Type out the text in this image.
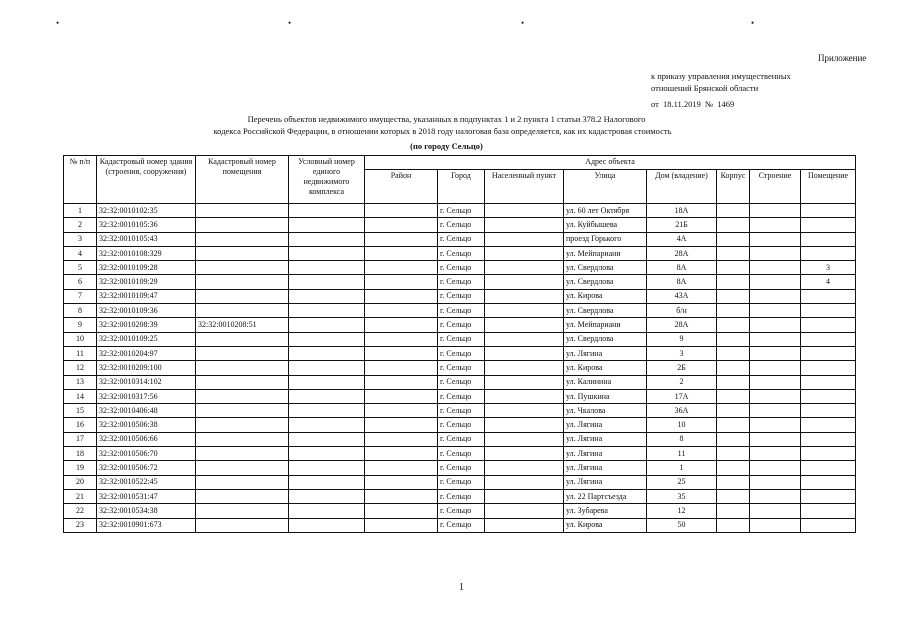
•	•	•	•
Приложение
к приказу управления имущественных
отношений Брянской области
от 18.11.2019 № 1469
Перечень объектов недвижимого имущества, указанных в подпунктах 1 и 2 пункта 1 статьи 378.2 Налогового
кодекса Российской Федерации, в отношении которых в 2018 году налоговая база определяется, как их кадастровая стоимость
(по городу Сельцо)
№ п/п	Кадастровый номер здания (строения, сооружения)	Кадастровый номер помещения	Условный номер единого недвижимого комплекса	Адрес объекта							
				Район	Город	Населенный пункт	Улица	Дом (владение)	Корпус	Строение	Помещение
1	32:32:0010102:35				г. Сельцо		ул. 60 лет Октября	18А			
2	32:32:0010105:36				г. Сельцо		ул. Куйбышева	21Б			
3	32:32:0010105:43				г. Сельцо		проезд Горького	4А			
4	32:32:0010108:329				г. Сельцо		ул. Мейпариани	28А			
5	32:32:0010109:28				г. Сельцо		ул. Свердлова	8А			3
6	32:32:0010109:29				г. Сельцо		ул. Свердлова	8А			4
7	32:32:0010109:47				г. Сельцо		ул. Кирова	43А			
8	32:32:0010109:36				г. Сельцо		ул. Свердлова	б/н			
9	32:32:0010208:39	32:32:0010208:51			г. Сельцо		ул. Мейпариани	28А			
10	32:32:0010109:25				г. Сельцо		ул. Свердлова	9			
11	32:32:0010204:97				г. Сельцо		ул. Лягина	3			
12	32:32:0010209:100				г. Сельцо		ул. Кирова	2Б			
13	32:32:0010314:102				г. Сельцо		ул. Калинина	2			
14	32:32:0010317:56				г. Сельцо		ул. Пушкина	17А			
15	32:32:0010406:48				г. Сельцо		ул. Чкалова	36А			
16	32:32:0010506:38				г. Сельцо		ул. Лягина	10			
17	32:32:0010506:66				г. Сельцо		ул. Лягина	8			
18	32:32:0010506:70				г. Сельцо		ул. Лягина	11			
19	32:32:0010506:72				г. Сельцо		ул. Лягина	1			
20	32:32:0010522:45				г. Сельцо		ул. Лягина	25			
21	32:32:0010531:47				г. Сельцо		ул. 22 Партсъезда	35			
22	32:32:0010534:38				г. Сельцо		ул. Зубарева	12			
23	32:32:0010901:673				г. Сельцо		ул. Кирова	50			
1
